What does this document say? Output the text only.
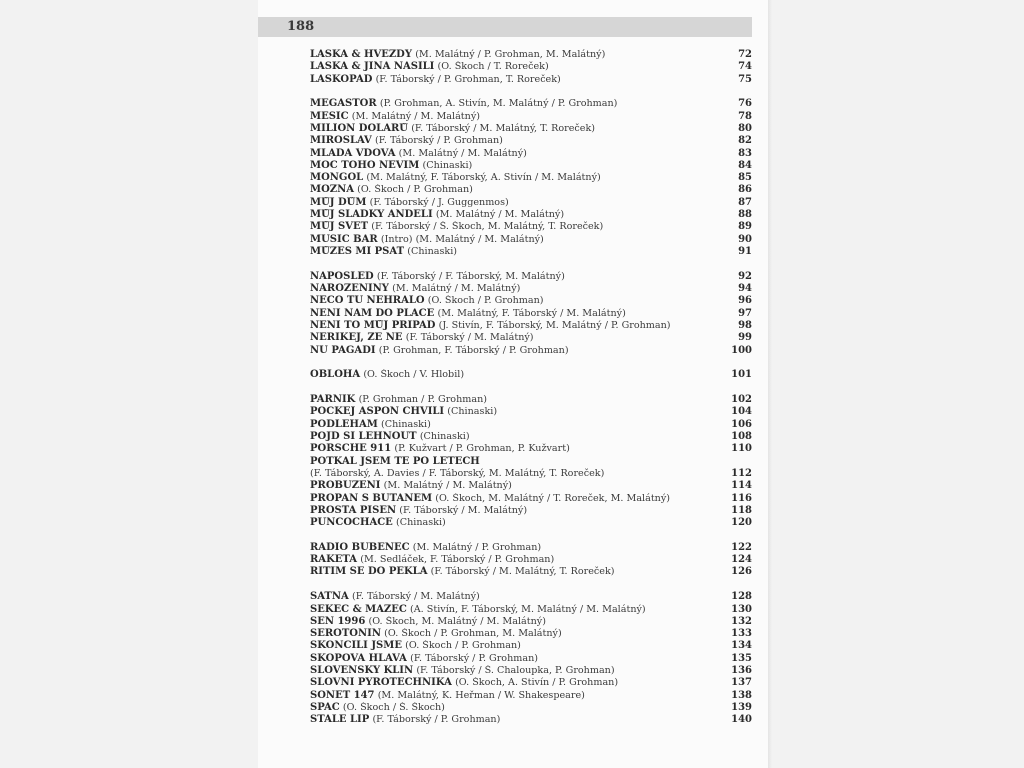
188
LÁSKA & HVĚZDY (M. Malátný / P. Grohman, M. Malátný)	72
LÁSKA & JINÁ NÁSILÍ (O. Škoch / T. Roreček)	74
LÁSKOPAD (F. Táborský / P. Grohman, T. Roreček)	75
MEGASTÓR (P. Grohman, A. Stivín, M. Malátný / P. Grohman)	76
MĚSÍC (M. Malátný / M. Malátný)	78
MILION DOLARŮ (F. Táborský / M. Malátný, T. Roreček)	80
MIROSLAV (F. Táborský / P. Grohman)	82
MLADÁ VDOVA (M. Malátný / M. Malátný)	83
MOC TOHO NEVIM (Chinaski)	84
MONGOL (M. Malátný, F. Táborský, A. Stivín / M. Malátný)	85
MOŽNÁ (O. Škoch / P. Grohman)	86
MŮJ DŮM (F. Táborský / J. Guggenmos)	87
MŮJ SLADKÝ ANDĚLI (M. Malátný / M. Malátný)	88
MŮJ SVĚT (F. Táborský / Š. Škoch, M. Malátný, T. Roreček)	89
MUSIC BAR (Intro) (M. Malátný / M. Malátný)	90
MŮŽEŠ MI PSÁT (Chinaski)	91
NAPOSLED (F. Táborský / F. Táborský, M. Malátný)	92
NAROZENINY (M. Malátný / M. Malátný)	94
NĚCO TU NEHRÁLO (O. Škoch / P. Grohman)	96
NENÍ NÁM DO PLÁČE (M. Malátný, F. Táborský / M. Malátný)	97
NENÍ TO MŮJ PŘÍPAD (J. Stivín, F. Táborský, M. Malátný / P. Grohman)	98
NEŘÍKEJ, ŽE NE (F. Táborský / M. Malátný)	99
NU PAGADÍ (P. Grohman, F. Táborský / P. Grohman)	100
OBLOHA (O. Škoch / V. Hlobil)	101
PARNÍK (P. Grohman / P. Grohman)	102
POČKEJ ASPOŇ CHVÍLI (Chinaski)	104
PODLÉHÁM (Chinaski)	106
POJĎ SI LEHNOUT (Chinaski)	108
PORSCHE 911 (P. Kužvart / P. Grohman, P. Kužvart)	110
POTKAL JSEM TĚ PO LETECH
(F. Táborský, A. Davies / F. Táborský, M. Malátný, T. Roreček)	112
PROBUZENÍ (M. Malátný / M. Malátný)	114
PROPAN S BUTANEM (O. Škoch, M. Malátný / T. Roreček, M. Malátný)	116
PROSTÁ PÍSEŇ (F. Táborský / M. Malátný)	118
PUNČOCHÁČE (Chinaski)	120
RÁDIO BUBENEČ (M. Malátný / P. Grohman)	122
RAKETA (M. Sedláček, F. Táborský / P. Grohman)	124
ŘÍTÍM SE DO PEKLA (F. Táborský / M. Malátný, T. Roreček)	126
ŠATNA (F. Táborský / M. Malátný)	128
SEKEC & MAZEC (A. Stivín, F. Táborský, M. Malátný / M. Malátný)	130
SEN 1996 (O. Škoch, M. Malátný / M. Malátný)	132
SEROTONIN (O. Škoch / P. Grohman, M. Malátný)	133
SKONČILI JSME (O. Škoch / P. Grohman)	134
SKOPOVÁ HLAVA (F. Táborský / P. Grohman)	135
SLOVENSKÝ KLÍN (F. Táborský / Š. Chaloupka, P. Grohman)	136
SLOVNÍ PYROTECHNIKA (O. Škoch, A. Stivín / P. Grohman)	137
SONET 147 (M. Malátný, K. Heřman / W. Shakespeare)	138
SPÁČ (O. Škoch / Š. Škoch)	139
STÁLE LÍP (F. Táborský / P. Grohman)	140
